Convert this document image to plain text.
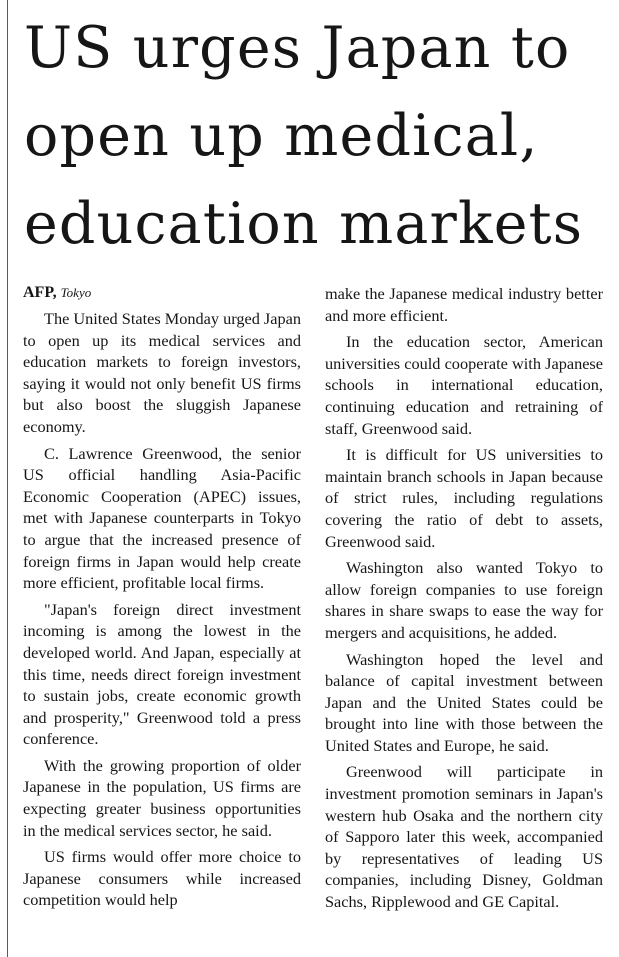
US urges Japan to
open up medical,
education markets

AFP, Tokyo

The United States Monday urged Japan to open up its medical services and education markets to foreign investors, saying it would not only benefit US firms but also boost the sluggish Japanese economy.

C. Lawrence Greenwood, the senior US official handling Asia-Pacific Economic Cooperation (APEC) issues, met with Japanese counterparts in Tokyo to argue that the increased presence of foreign firms in Japan would help create more efficient, profitable local firms.

"Japan's foreign direct investment incoming is among the lowest in the developed world. And Japan, especially at this time, needs direct foreign investment to sustain jobs, create economic growth and prosperity," Greenwood told a press conference.

With the growing proportion of older Japanese in the population, US firms are expecting greater business opportunities in the medical services sector, he said.

US firms would offer more choice to Japanese consumers while increased competition would help

make the Japanese medical industry better and more efficient.

In the education sector, American universities could cooperate with Japanese schools in international education, continuing education and retraining of staff, Greenwood said.

It is difficult for US universities to maintain branch schools in Japan because of strict rules, including regulations covering the ratio of debt to assets, Greenwood said.

Washington also wanted Tokyo to allow foreign companies to use foreign shares in share swaps to ease the way for mergers and acquisitions, he added.

Washington hoped the level and balance of capital investment between Japan and the United States could be brought into line with those between the United States and Europe, he said.

Greenwood will participate in investment promotion seminars in Japan's western hub Osaka and the northern city of Sapporo later this week, accompanied by representatives of leading US companies, including Disney, Goldman Sachs, Ripplewood and GE Capital.
